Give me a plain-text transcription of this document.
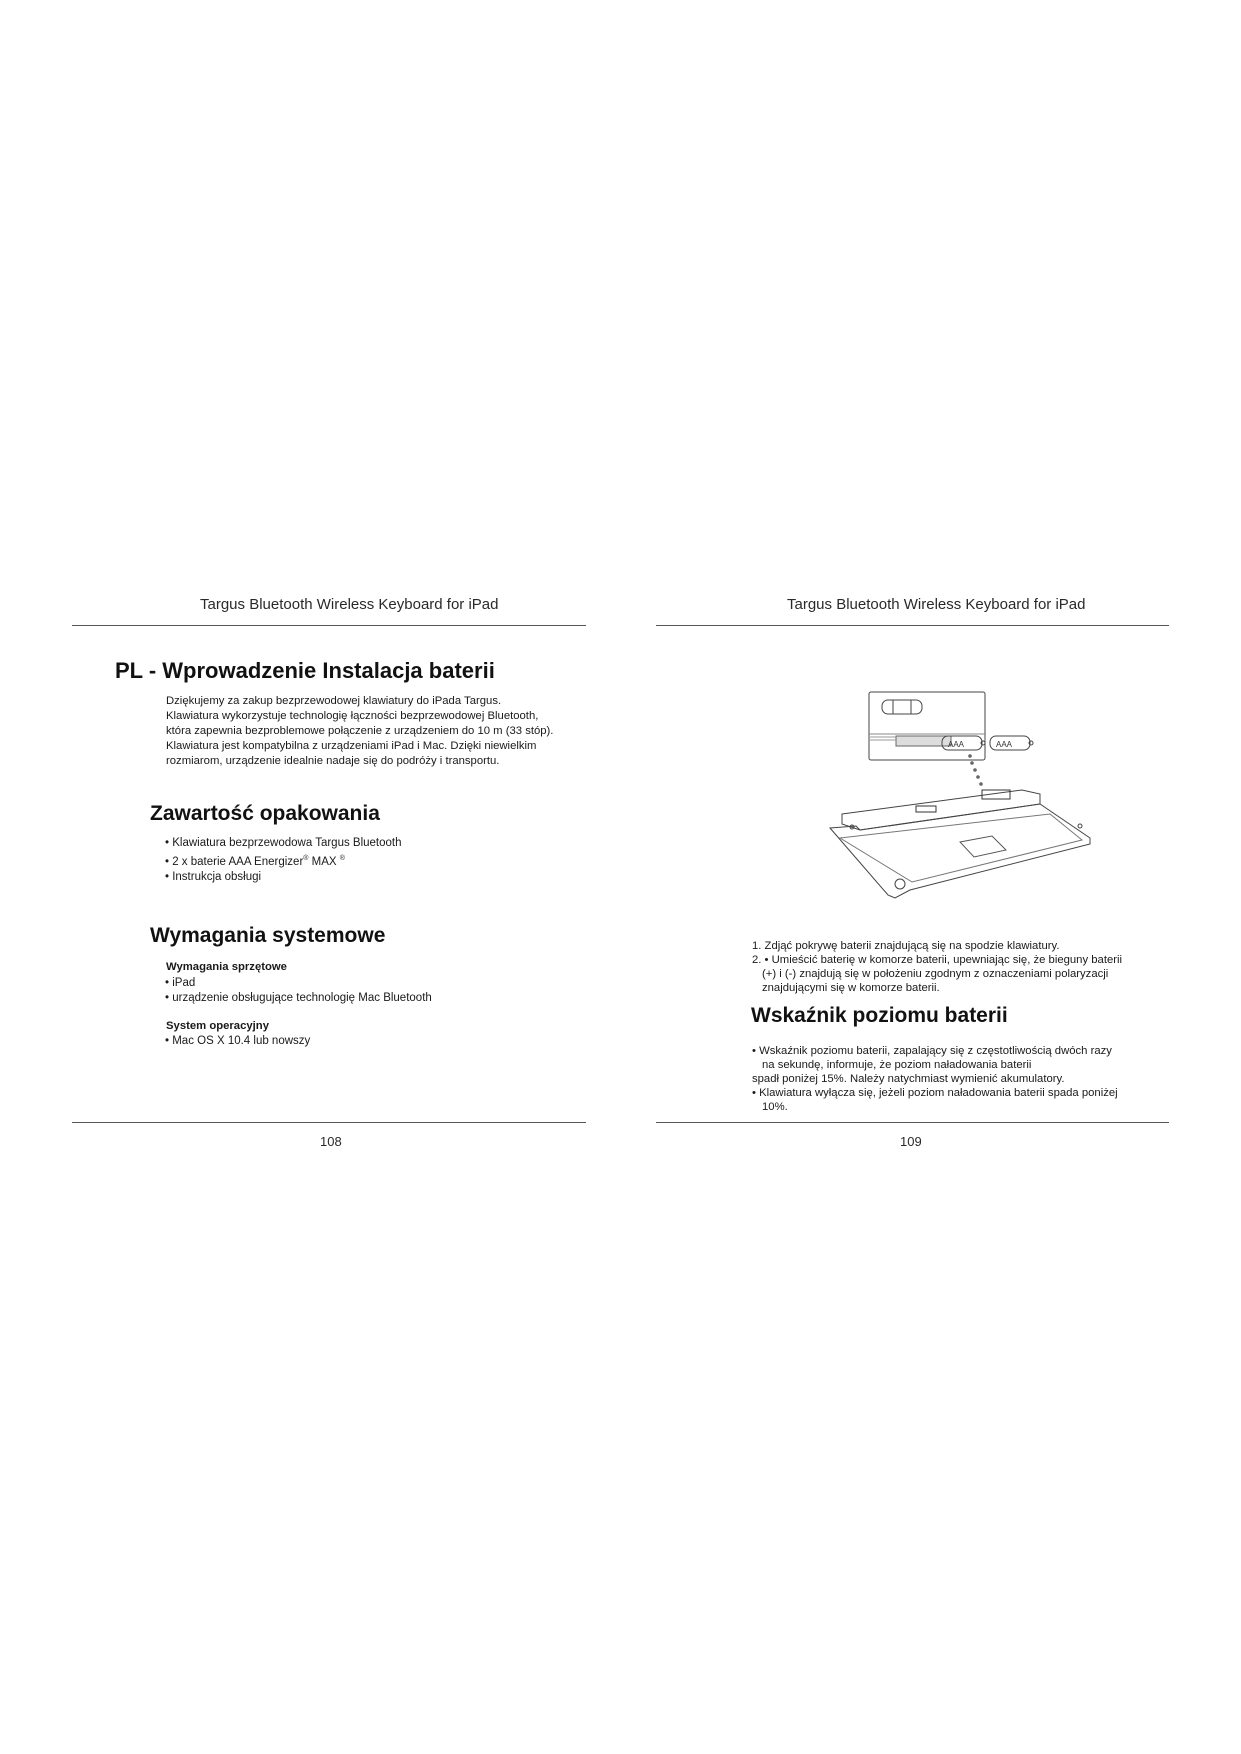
Targus Bluetooth Wireless Keyboard for iPad
PL - Wprowadzenie Instalacja baterii

Dziękujemy za zakup bezprzewodowej klawiatury do iPada Targus.
Klawiatura wykorzystuje technologię łączności bezprzewodowej Bluetooth,
która zapewnia bezproblemowe połączenie z urządzeniem do 10 m (33 stóp).
Klawiatura jest kompatybilna z urządzeniami iPad i Mac. Dzięki niewielkim
rozmiarom, urządzenie idealnie nadaje się do podróży i transportu.

Zawartość opakowania
• Klawiatura bezprzewodowa Targus Bluetooth
• 2 x baterie AAA Energizer® MAX ®
• Instrukcja obsługi
Wymagania systemowe
Wymagania sprzętowe
• iPad
• urządzenie obsługujące technologię Mac Bluetooth
System operacyjny
• Mac OS X 10.4 lub nowszy
108
Targus Bluetooth Wireless Keyboard for iPad
AAA	AAA
1. Zdjąć pokrywę baterii znajdującą się na spodzie klawiatury.
2. • Umieścić baterię w komorze baterii, upewniając się, że bieguny baterii
(+) i (-) znajdują się w położeniu zgodnym z oznaczeniami polaryzacji
znajdującymi się w komorze baterii.
Wskaźnik poziomu baterii
• Wskaźnik poziomu baterii, zapalający się z częstotliwością dwóch razy
na sekundę, informuje, że poziom naładowania baterii
spadł poniżej 15%. Należy natychmiast wymienić akumulatory.
• Klawiatura wyłącza się, jeżeli poziom naładowania baterii spada poniżej
10%.
109
